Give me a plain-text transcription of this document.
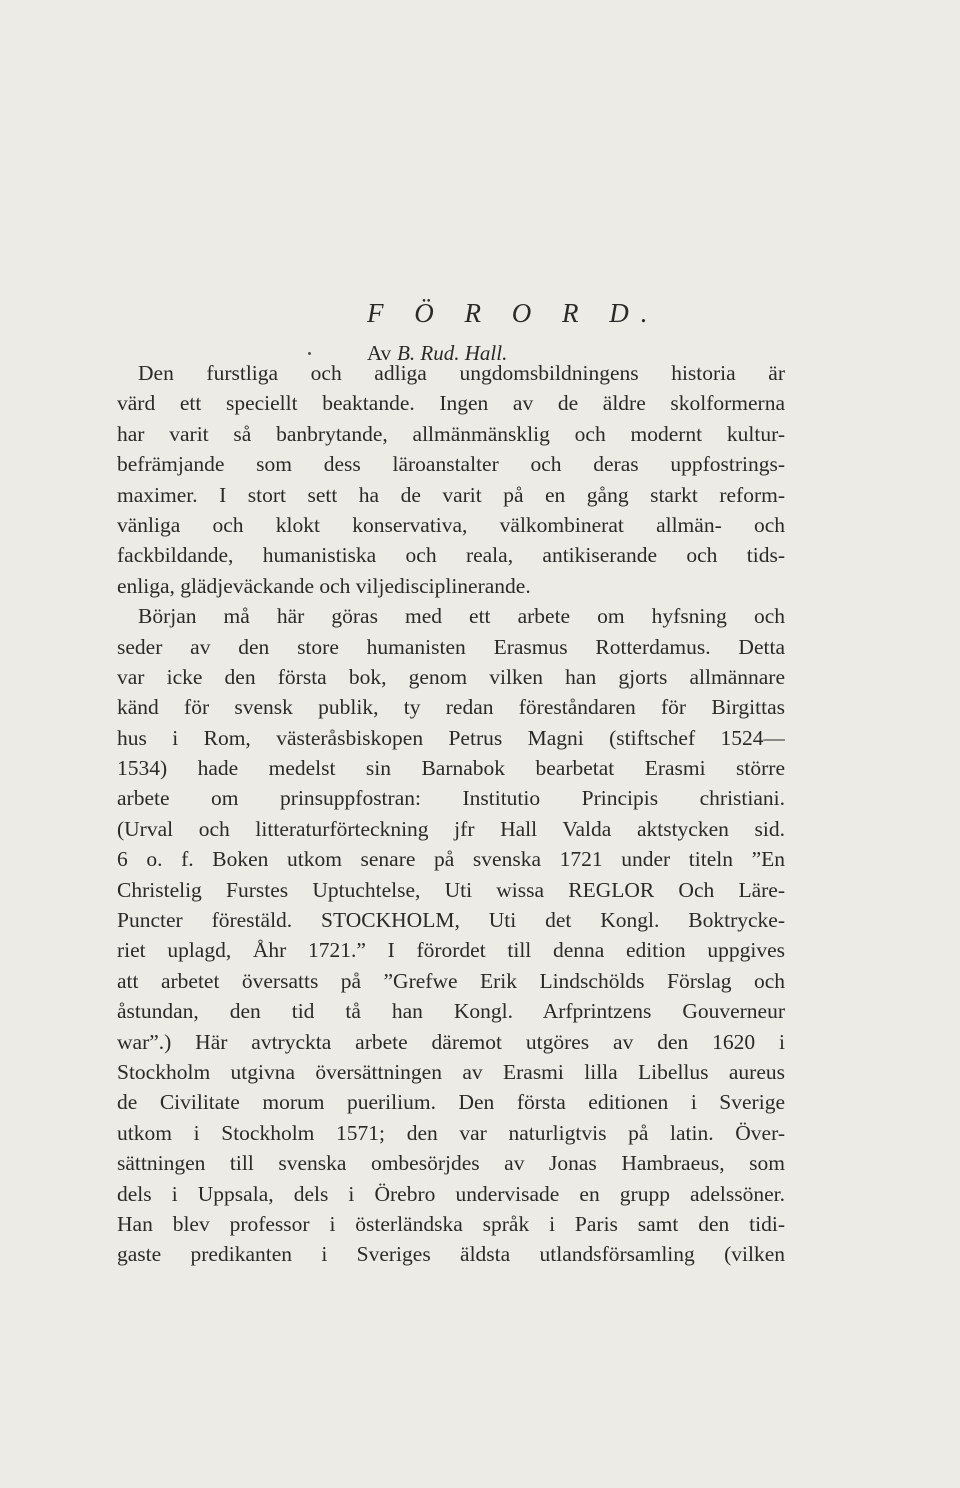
F Ö R O R D.
Av B. Rud. Hall.
Den furstliga och adliga ungdomsbildningens historia är
värd ett speciellt beaktande. Ingen av de äldre skolformerna
har varit så banbrytande, allmänmänsklig och modernt kultur-
befrämjande som dess läroanstalter och deras uppfostrings-
maximer. I stort sett ha de varit på en gång starkt reform-
vänliga och klokt konservativa, välkombinerat allmän- och
fackbildande, humanistiska och reala, antikiserande och tids-
enliga, glädjeväckande och viljedisciplinerande.
Början må här göras med ett arbete om hyfsning och
seder av den store humanisten Erasmus Rotterdamus. Detta
var icke den första bok, genom vilken han gjorts allmännare
känd för svensk publik, ty redan föreståndaren för Birgittas
hus i Rom, västeråsbiskopen Petrus Magni (stiftschef 1524—
1534) hade medelst sin Barnabok bearbetat Erasmi större
arbete om prinsuppfostran: Institutio Principis christiani.
(Urval och litteraturförteckning jfr Hall Valda aktstycken sid.
6 o. f. Boken utkom senare på svenska 1721 under titeln ”En
Christelig Furstes Uptuchtelse, Uti wissa REGLOR Och Läre-
Puncter förestäld. STOCKHOLM, Uti det Kongl. Boktrycke-
riet uplagd, Åhr 1721.” I förordet till denna edition uppgives
att arbetet översatts på ”Grefwe Erik Lindschölds Förslag och
åstundan, den tid tå han Kongl. Arfprintzens Gouverneur
war”.) Här avtryckta arbete däremot utgöres av den 1620 i
Stockholm utgivna översättningen av Erasmi lilla Libellus aureus
de Civilitate morum puerilium. Den första editionen i Sverige
utkom i Stockholm 1571; den var naturligtvis på latin. Över-
sättningen till svenska ombesörjdes av Jonas Hambraeus, som
dels i Uppsala, dels i Örebro undervisade en grupp adelssöner.
Han blev professor i österländska språk i Paris samt den tidi-
gaste predikanten i Sveriges äldsta utlandsförsamling (vilken
